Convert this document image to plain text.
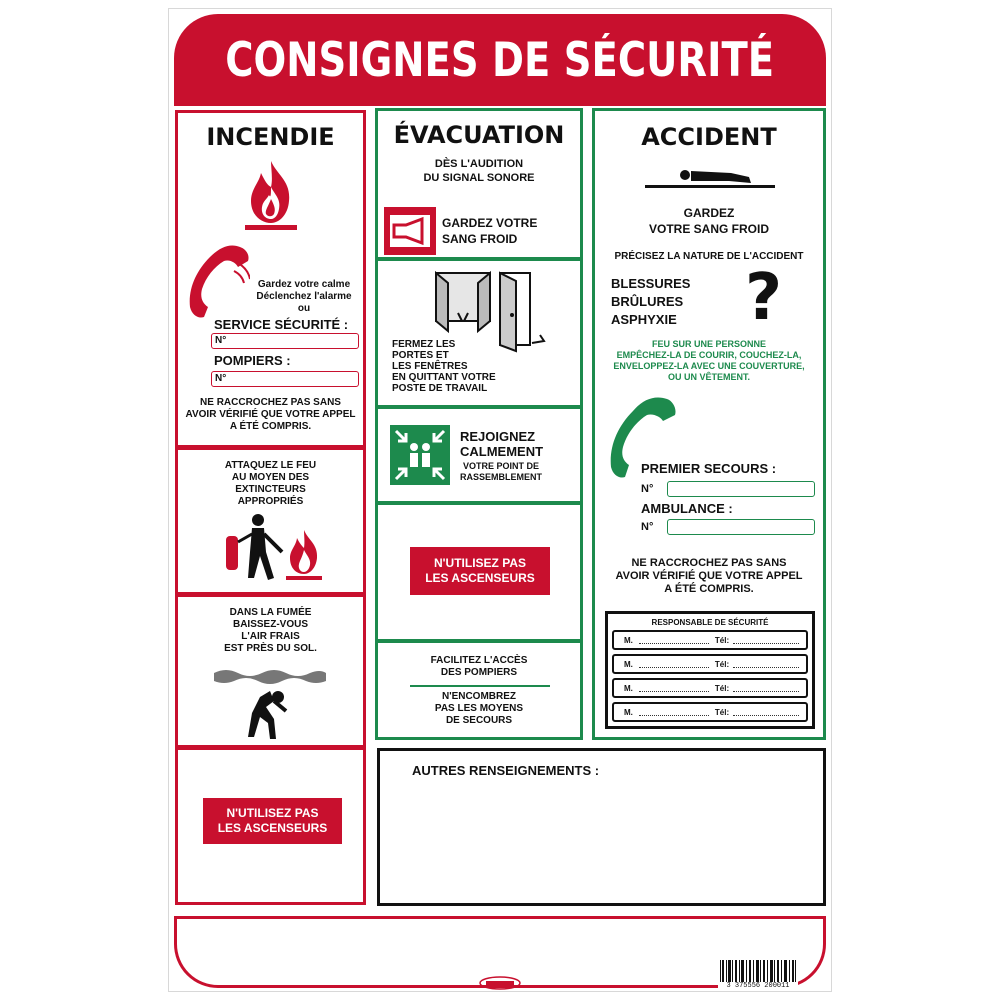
CONSIGNES DE SÉCURITÉ
INCENDIE
Gardez votre calme
Déclenchez l'alarme
ou
SERVICE SÉCURITÉ :
N°
POMPIERS :
N°
NE RACCROCHEZ PAS SANS
AVOIR VÉRIFIÉ QUE VOTRE APPEL
A ÉTÉ COMPRIS.
ATTAQUEZ LE FEU
AU MOYEN DES
EXTINCTEURS
APPROPRIÉS
DANS LA FUMÉE
BAISSEZ-VOUS
L'AIR FRAIS
EST PRÈS DU SOL.
N'UTILISEZ PAS
LES ASCENSEURS
ÉVACUATION
DÈS L'AUDITION
DU SIGNAL SONORE
GARDEZ VOTRE
SANG FROID
FERMEZ LES
PORTES ET
LES FENÊTRES
EN QUITTANT VOTRE
POSTE DE TRAVAIL
REJOIGNEZ
CALMEMENT
VOTRE POINT DE
RASSEMBLEMENT
N'UTILISEZ PAS
LES ASCENSEURS
FACILITEZ L'ACCÈS
DES POMPIERS
N'ENCOMBREZ
PAS LES MOYENS
DE SECOURS
ACCIDENT
GARDEZ
VOTRE SANG FROID
PRÉCISEZ LA NATURE DE L'ACCIDENT
BLESSURES
BRÛLURES
ASPHYXIE ?
FEU SUR UNE PERSONNE
EMPÊCHEZ-LA DE COURIR, COUCHEZ-LA,
ENVELOPPEZ-LA AVEC UNE COUVERTURE,
OU UN VÊTEMENT.
PREMIER SECOURS :
N°
AMBULANCE :
N°
NE RACCROCHEZ PAS SANS
AVOIR VÉRIFIÉ QUE VOTRE APPEL
A ÉTÉ COMPRIS.
RESPONSABLE DE SÉCURITÉ
M.	Tél:
M.	Tél:
M.	Tél:
M.	Tél:
AUTRES RENSEIGNEMENTS :
3 375556 200011
